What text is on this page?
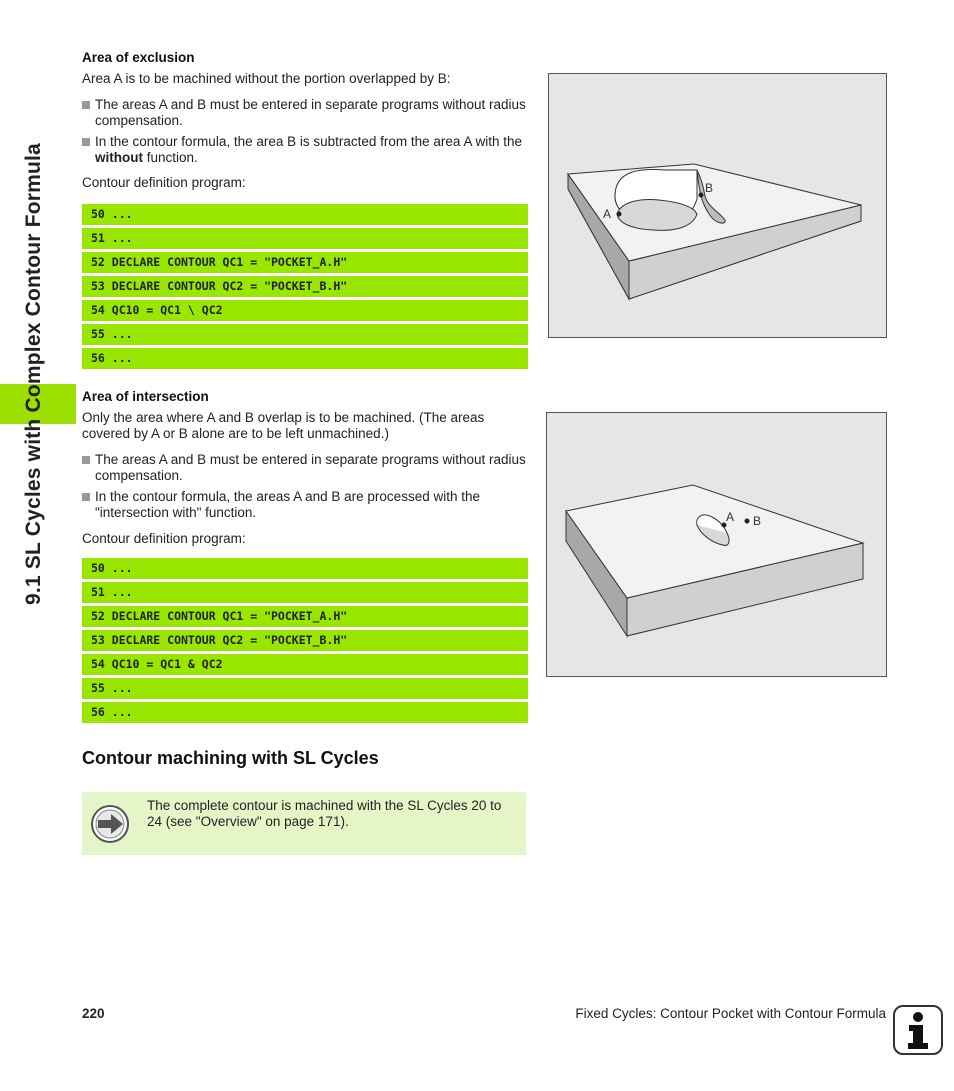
9.1 SL Cycles with Complex Contour Formula
Area of exclusion
Area A is to be machined without the portion overlapped by B:
The areas A and B must be entered in separate programs without radius compensation.
In the contour formula, the area B is subtracted from the area A with the without function.
Contour definition program:
50 ...
51 ...
52 DECLARE CONTOUR QC1 = "POCKET_A.H"
53 DECLARE CONTOUR QC2 = "POCKET_B.H"
54 QC10 = QC1 \ QC2
55 ...
56 ...
A
B
Area of intersection
Only the area where A and B overlap is to be machined. (The areas covered by A or B alone are to be left unmachined.)
The areas A and B must be entered in separate programs without radius compensation.
In the contour formula, the areas A and B are processed with the "intersection with" function.
Contour definition program:
50 ...
51 ...
52 DECLARE CONTOUR QC1 = "POCKET_A.H"
53 DECLARE CONTOUR QC2 = "POCKET_B.H"
54 QC10 = QC1 & QC2
55 ...
56 ...
A B
Contour machining with SL Cycles
The complete contour is machined with the SL Cycles 20 to 24 (see "Overview" on page 171).
220	Fixed Cycles: Contour Pocket with Contour Formula
